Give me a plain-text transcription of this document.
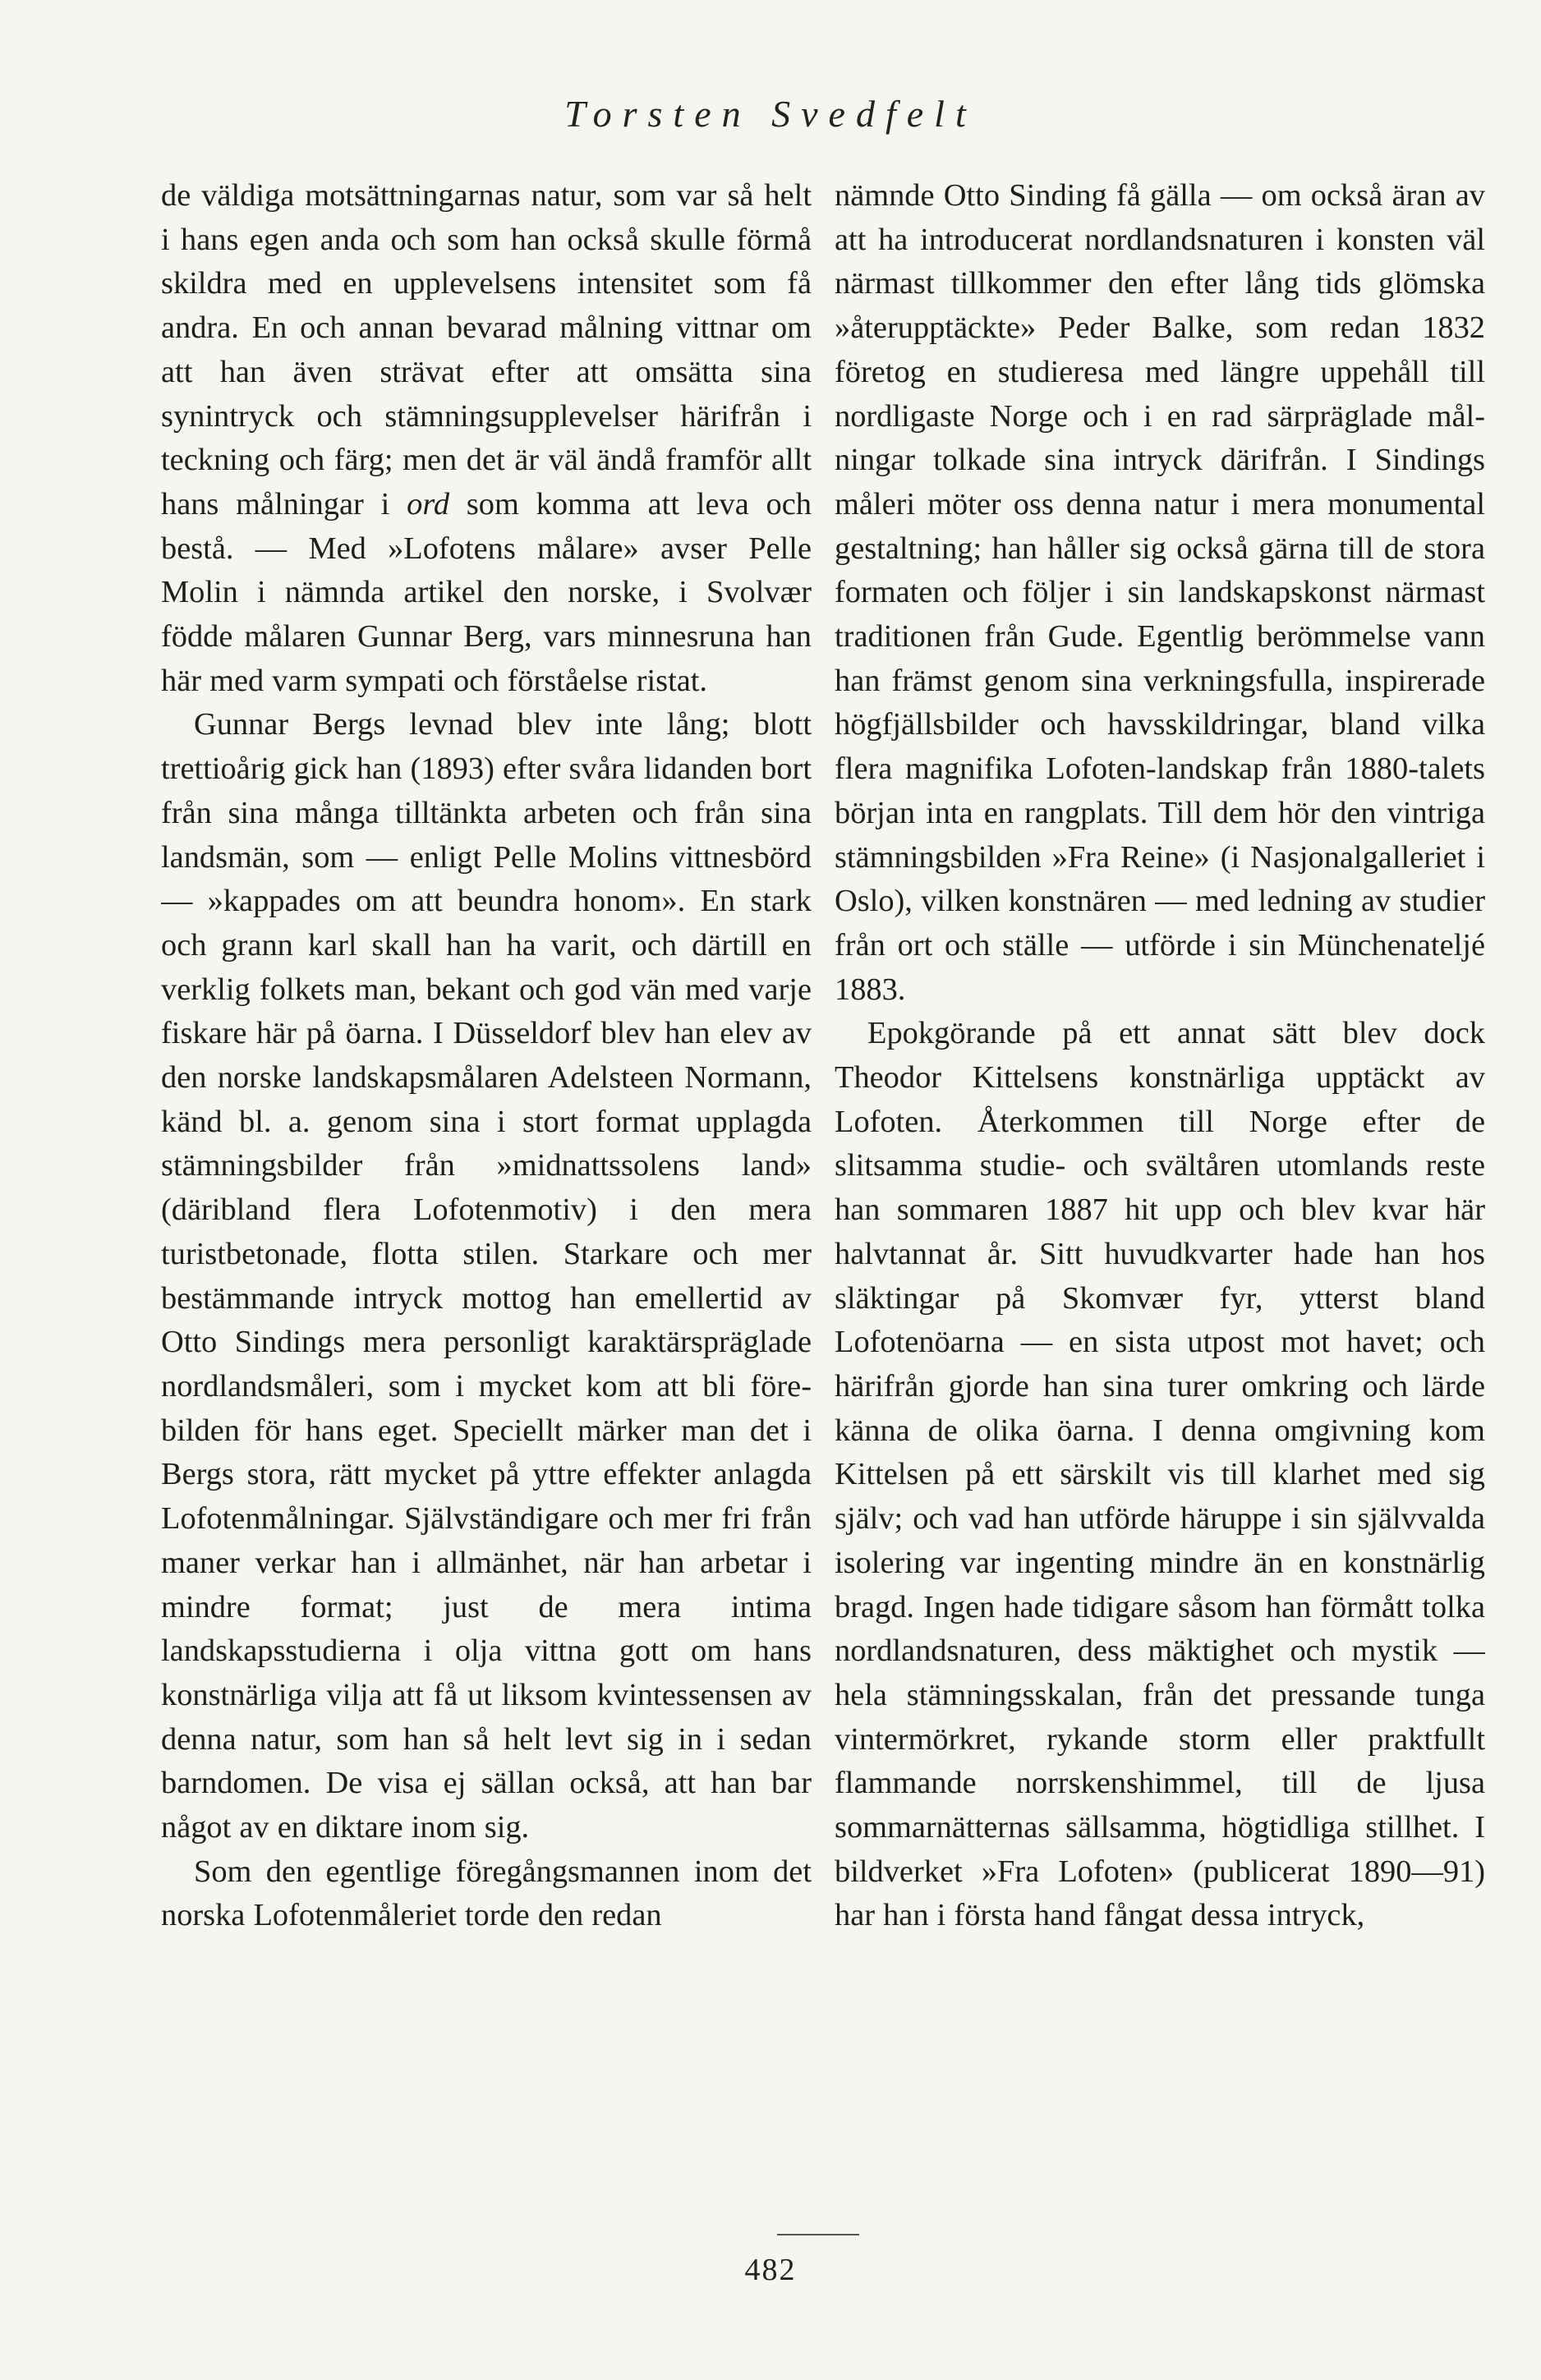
Torsten Svedfelt

de väldiga motsättningarnas natur, som var så helt i hans egen anda och som han också skulle förmå skildra med en upplevelsens intensitet som få andra. En och annan bevarad målning vittnar om att han även strävat efter att omsätta sina synintryck och stämningsupplevelser härifrån i teckning och färg; men det är väl ändå framför allt hans målningar i ord som komma att leva och bestå. — Med »Lofotens målare» avser Pelle Molin i nämnda artikel den norske, i Svolvær födde målaren Gunnar Berg, vars minnesruna han här med varm sympati och förståelse ristat.

Gunnar Bergs levnad blev inte lång; blott trettioårig gick han (1893) efter svåra lidanden bort från sina många tilltänkta arbeten och från sina landsmän, som — enligt Pelle Molins vittnesbörd — »kappades om att beundra honom». En stark och grann karl skall han ha varit, och därtill en verklig folkets man, bekant och god vän med varje fiskare här på öarna. I Düsseldorf blev han elev av den norske landskapsmålaren Adelsteen Normann, känd bl. a. genom sina i stort format upplagda stämningsbilder från »midnattssolens land» (däribland flera Lofotenmotiv) i den mera turistbetonade, flotta stilen. Starkare och mer bestämmande intryck mottog han emellertid av Otto Sindings mera personligt karaktärspräglade nordlandsmåleri, som i mycket kom att bli förebilden för hans eget. Speciellt märker man det i Bergs stora, rätt mycket på yttre effekter anlagda Lofotenmålningar. Självständigare och mer fri från maner verkar han i allmänhet, när han arbetar i mindre format; just de mera intima landskapsstudierna i olja vittna gott om hans konstnärliga vilja att få ut liksom kvintessensen av denna natur, som han så helt levt sig in i sedan barndomen. De visa ej sällan också, att han bar något av en diktare inom sig.

Som den egentlige föregångsmannen inom det norska Lofotenmåleriet torde den redan

nämnde Otto Sinding få gälla — om också äran av att ha introducerat nordlandsnaturen i konsten väl närmast tillkommer den efter lång tids glömska »återupptäckte» Peder Balke, som redan 1832 företog en studieresa med längre uppehåll till nordligaste Norge och i en rad särpräglade målningar tolkade sina intryck därifrån. I Sindings måleri möter oss denna natur i mera monumental gestaltning; han håller sig också gärna till de stora formaten och följer i sin landskapskonst närmast traditionen från Gude. Egentlig berömmelse vann han främst genom sina verkningsfulla, inspirerade högfjällsbilder och havsskildringar, bland vilka flera magnifika Lofoten-landskap från 1880-talets början inta en rangplats. Till dem hör den vintriga stämningsbilden »Fra Reine» (i Nasjonalgalleriet i Oslo), vilken konstnären — med ledning av studier från ort och ställe — utförde i sin Münchenatelјé 1883.

Epokgörande på ett annat sätt blev dock Theodor Kittelsens konstnärliga upptäckt av Lofoten. Återkommen till Norge efter de slitsamma studie- och svältåren utomlands reste han sommaren 1887 hit upp och blev kvar här halvtannat år. Sitt huvudkvarter hade han hos släktingar på Skomvær fyr, ytterst bland Lofotenöarna — en sista utpost mot havet; och härifrån gjorde han sina turer omkring och lärde känna de olika öarna. I denna omgivning kom Kittelsen på ett särskilt vis till klarhet med sig själv; och vad han utförde häruppe i sin självvalda isolering var ingenting mindre än en konstnärlig bragd. Ingen hade tidigare såsom han förmått tolka nordlandsnaturen, dess mäktighet och mystik — hela stämningsskalan, från det pressande tunga vintermörkret, rykande storm eller praktfullt flammande norrskenshimmel, till de ljusa sommarnätternas sällsamma, högtidliga stillhet. I bildverket »Fra Lofoten» (publicerat 1890—91) har han i första hand fångat dessa intryck,

482
